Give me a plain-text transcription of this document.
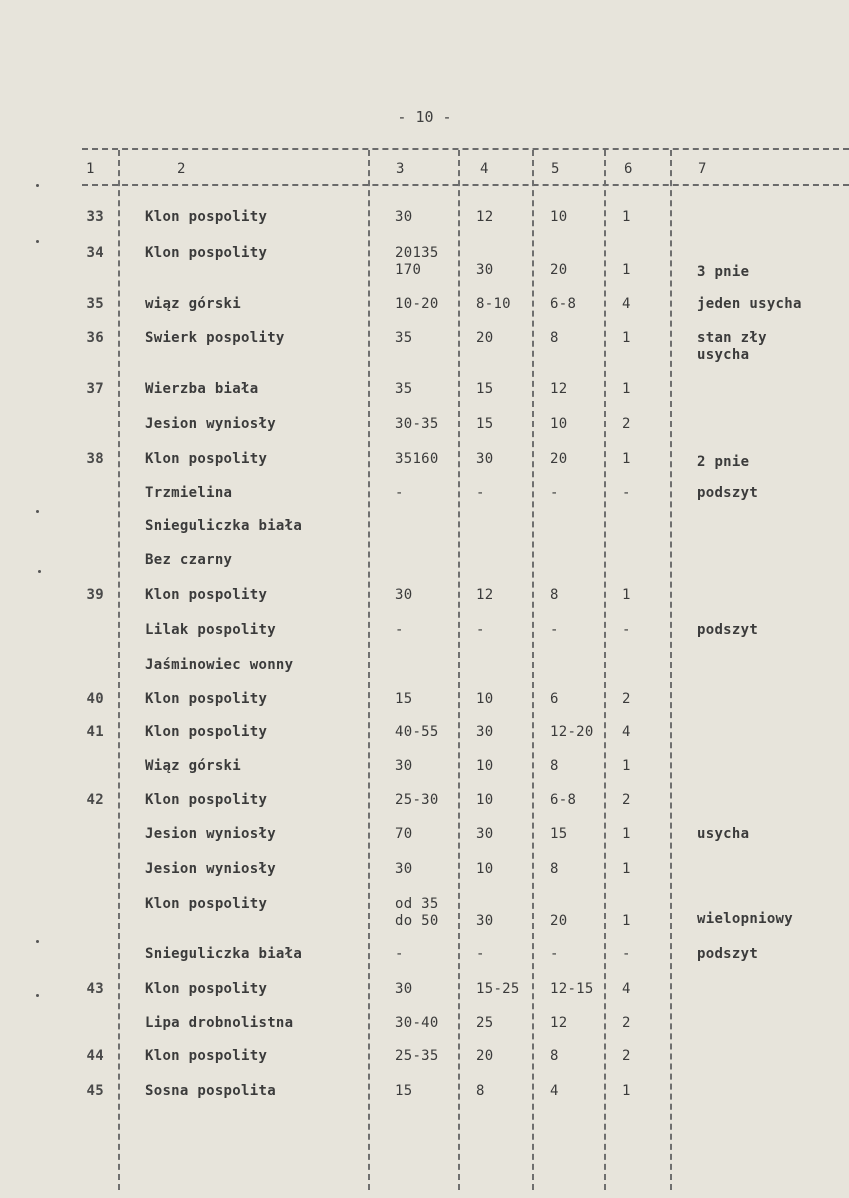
- 10 -
1	2	3	4	5	6	7
33	Klon pospolity	30	12	10	1
34	Klon pospolity	20135
170	30	20	1	3 pnie
35	wiąz górski	10-20	8-10	6-8	4	jeden usycha
36	Swierk pospolity	35	20	8	1	stan zły
usycha
37	Wierzba biała	35	15	12	1
Jesion wyniosły	30-35	15	10	2
38	Klon pospolity	35160	30	20	1	2 pnie
Trzmielina	-	-	-	-	podszyt
Snieguliczka biała
Bez czarny
39	Klon pospolity	30	12	8	1
Lilak pospolity	-	-	-	-	podszyt
Jaśminowiec wonny
40	Klon pospolity	15	10	6	2
41	Klon pospolity	40-55	30	12-20 4
Wiąz górski	30	10	8	1
42	Klon pospolity	25-30	10	6-8	2
Jesion wyniosły	70	30	15	1	usycha
Jesion wyniosły	30	10	8	1
Klon pospolity	od 35
do 50	30	20	1	wielopniowy
Snieguliczka biała	-	-	-	-	podszyt
43	Klon pospolity	30	15-25 12-15 4
Lipa drobnolistna	30-40	25	12	2
44	Klon pospolity	25-35	20	8	2
45	Sosna pospolita	15	8	4	1
